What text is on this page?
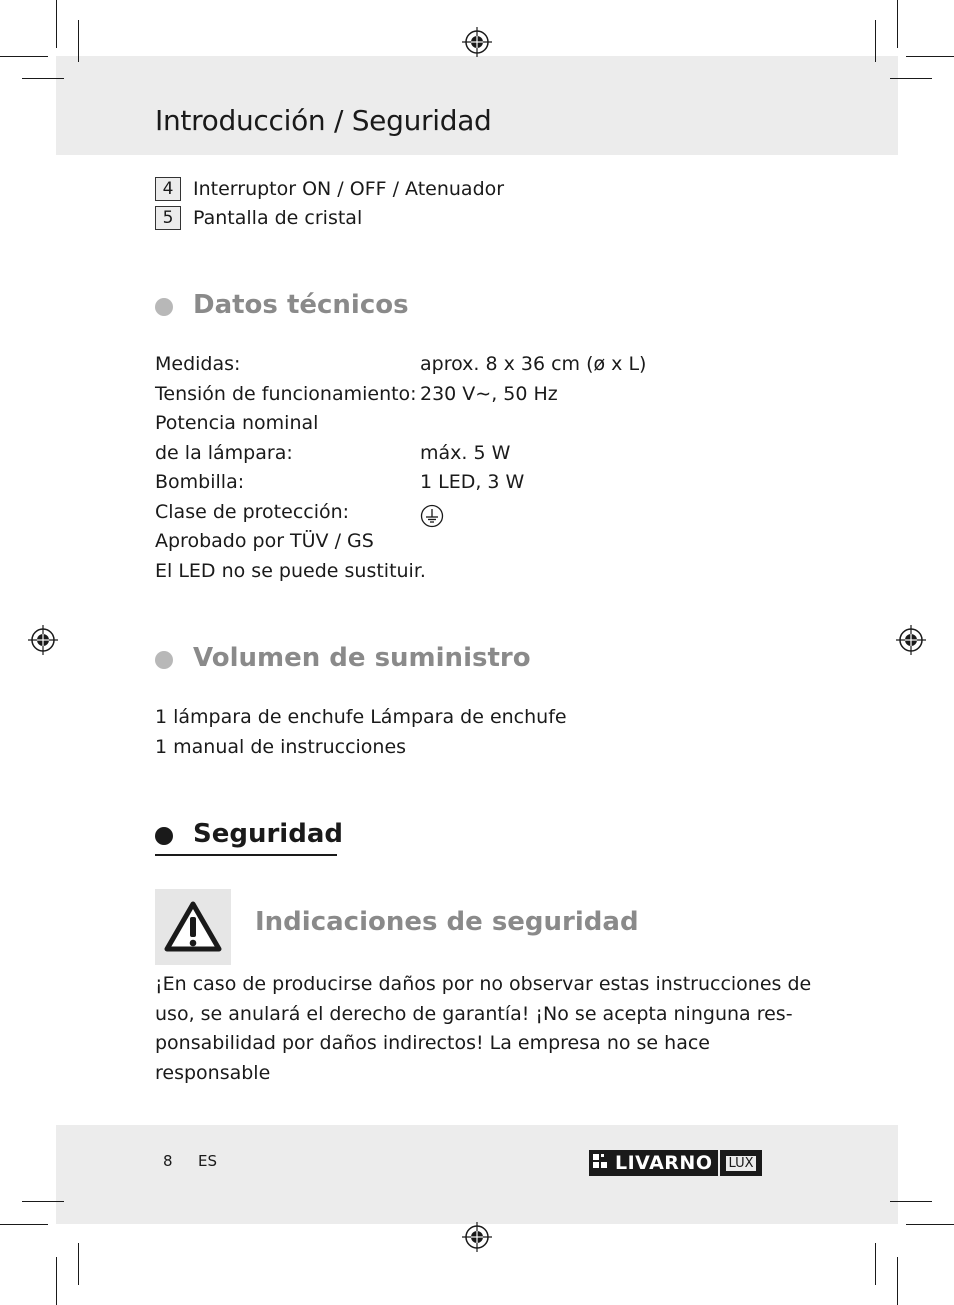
Introducción / Seguridad
4	Interruptor ON / OFF / Atenuador
5	Pantalla de cristal
Datos técnicos
Medidas:	aprox. 8 x 36 cm (ø x L)
Tensión de funcionamiento: 230 V∼, 50 Hz
Potencia nominal
de la lámpara:	máx. 5 W
Bombilla:	1 LED, 3 W
Clase de protección:
Aprobado por TÜV / GS
El LED no se puede sustituir.
Volumen de suministro
1 lámpara de enchufe Lámpara de enchufe
1 manual de instrucciones
Seguridad
Indicaciones de seguridad
¡En caso de producirse daños por no observar estas instrucciones de
uso, se anulará el derecho de garantía! ¡No se acepta ninguna res-
ponsabilidad por daños indirectos! La empresa no se hace responsable
8 ES	LIVARNO LUX
